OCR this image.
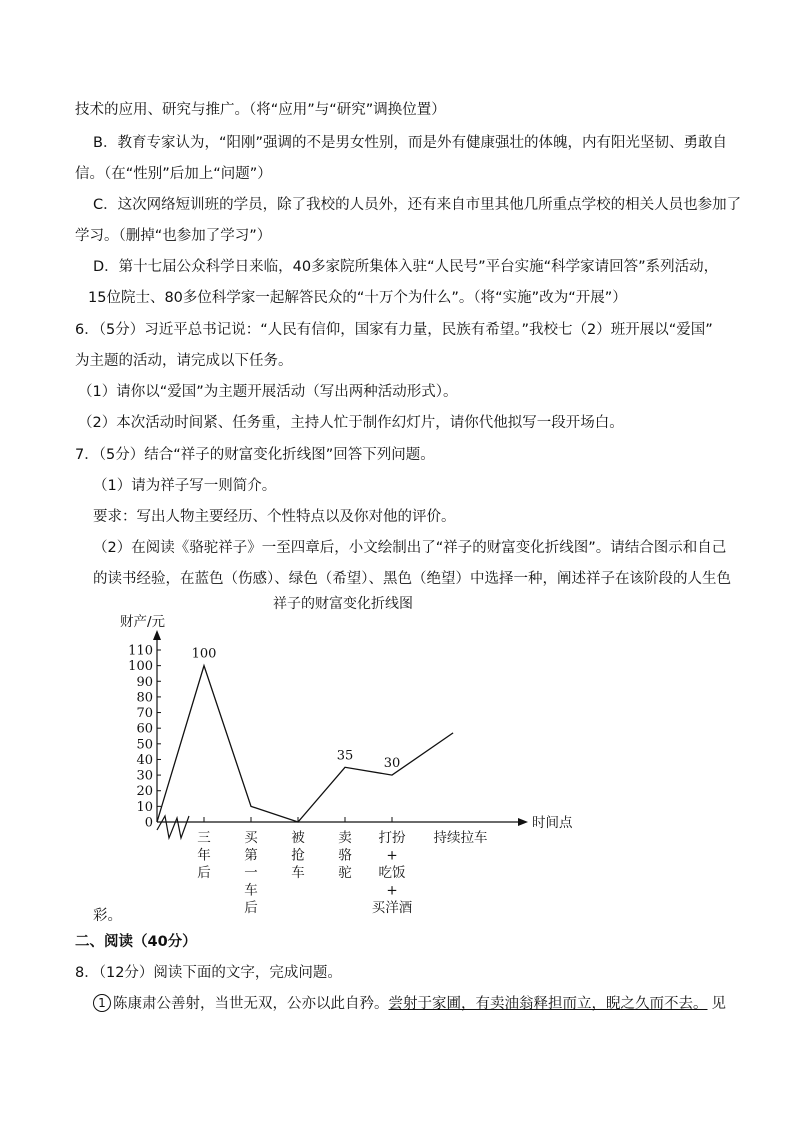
技术的应用、研究与推广。（将“应用”与“研究”调换位置）
B．教育专家认为，“阳刚”强调的不是男女性别，而是外有健康强壮的体魄，内有阳光坚韧、勇敢自
信。（在“性别”后加上“问题”）
C．这次网络短训班的学员，除了我校的人员外，还有来自市里其他几所重点学校的相关人员也参加了
学习。（删掉“也参加了学习”）
D．第十七届公众科学日来临，40多家院所集体入驻“人民号”平台实施“科学家请回答”系列活动，
15位院士、80多位科学家一起解答民众的“十万个为什么”。（将“实施”改为“开展”）
6．（5分）习近平总书记说：“人民有信仰，国家有力量，民族有希望。”我校七（2）班开展以“爱国”
为主题的活动，请完成以下任务。
（1）请你以“爱国”为主题开展活动（写出两种活动形式）。
（2）本次活动时间紧、任务重，主持人忙于制作幻灯片，请你代他拟写一段开场白。
7．（5分）结合“祥子的财富变化折线图”回答下列问题。
（1）请为祥子写一则简介。
要求：写出人物主要经历、个性特点以及你对他的评价。
（2）在阅读《骆驼祥子》一至四章后，小文绘制出了“祥子的财富变化折线图”。请结合图示和自己
的读书经验，在蓝色（伤感）、绿色（希望）、黑色（绝望）中选择一种，阐述祥子在该阶段的人生色
祥子的财富变化折线图
财产/元
0
10
20
30
40
50
60
70
80
90
100
110
时间点
三
年
后
买
第
一
车
后
被
抢
车
卖
骆
驼
打扮
+
吃饭
+
买洋酒
持续拉车
100
35
30
彩。
二、阅读（40分）
8．（12分）阅读下面的文字，完成问题。
1 陈康肃公善射，当世无双，公亦以此自矜。尝射于家圃，有卖油翁释担而立，睨之久而不去。 见
